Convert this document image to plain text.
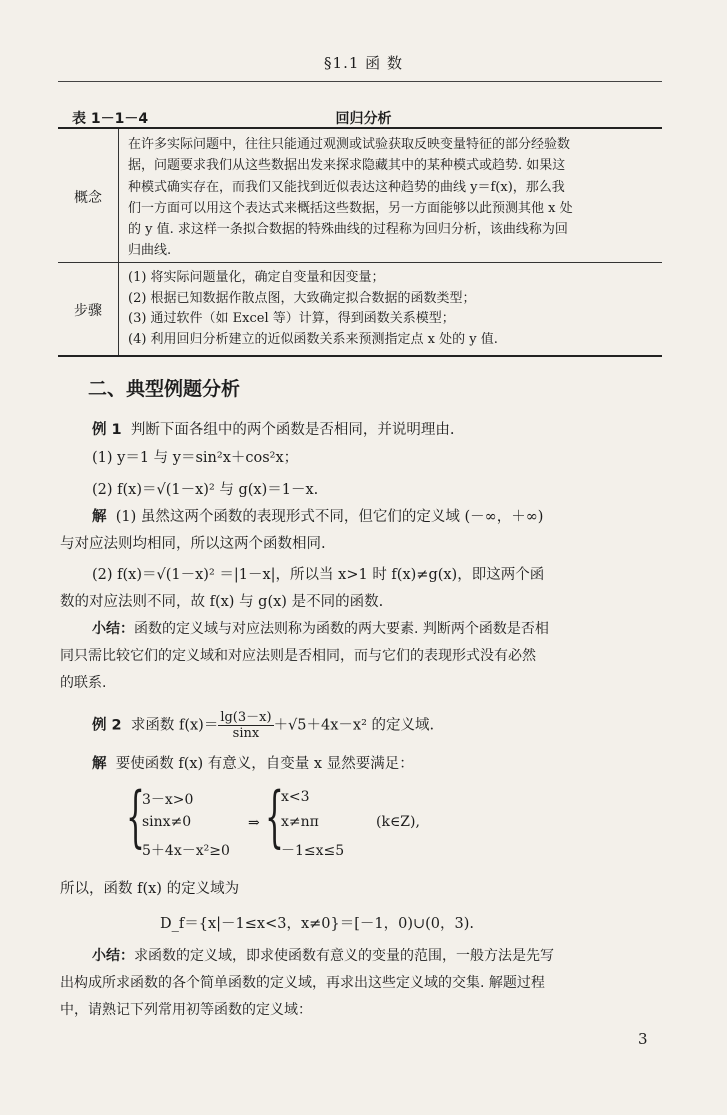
§1.1 函 数
表 1－1－4	回归分析
概念
在许多实际问题中，往往只能通过观测或试验获取反映变量特征的部分经验数
据，问题要求我们从这些数据出发来探求隐藏其中的某种模式或趋势. 如果这
种模式确实存在，而我们又能找到近似表达这种趋势的曲线 y＝f(x)，那么我
们一方面可以用这个表达式来概括这些数据，另一方面能够以此预测其他 x 处
的 y 值. 求这样一条拟合数据的特殊曲线的过程称为回归分析，该曲线称为回
归曲线.
步骤
(1) 将实际问题量化，确定自变量和因变量；
(2) 根据已知数据作散点图，大致确定拟合数据的函数类型；
(3) 通过软件（如 Excel 等）计算，得到函数关系模型；
(4) 利用回归分析建立的近似函数关系来预测指定点 x 处的 y 值.
二、典型例题分析
例 1 判断下面各组中的两个函数是否相同，并说明理由.
(1) y＝1 与 y＝sin²x＋cos²x；
(2) f(x)＝√(1－x)² 与 g(x)＝1－x.
解 (1) 虽然这两个函数的表现形式不同，但它们的定义域 (－∞，＋∞)
与对应法则均相同，所以这两个函数相同.
(2) f(x)＝√(1－x)² ＝|1－x|，所以当 x>1 时 f(x)≠g(x)，即这两个函
数的对应法则不同，故 f(x) 与 g(x) 是不同的函数.
小结：函数的定义域与对应法则称为函数的两大要素. 判断两个函数是否相
同只需比较它们的定义域和对应法则是否相同，而与它们的表现形式没有必然
的联系.
例 2 求函数 $f(x)= \frac{\lg(3-x)}{\sin x} +√5+4x-x^2$ 的定义域.
解 要使函数 f(x) 有意义，自变量 x 显然要满足：
{
3－x>0
sinx≠0
5＋4x－x²≥0
⇒ {
x<3
x≠nπ
－1≤x≤5
(k∈Z),
所以，函数 f(x) 的定义域为
D_f＝{x|－1≤x<3，x≠0}＝[－1，0)∪(0，3).
小结：求函数的定义域，即求使函数有意义的变量的范围，一般方法是先写
出构成所求函数的各个简单函数的定义域，再求出这些定义域的交集. 解题过程
中，请熟记下列常用初等函数的定义域：
3
